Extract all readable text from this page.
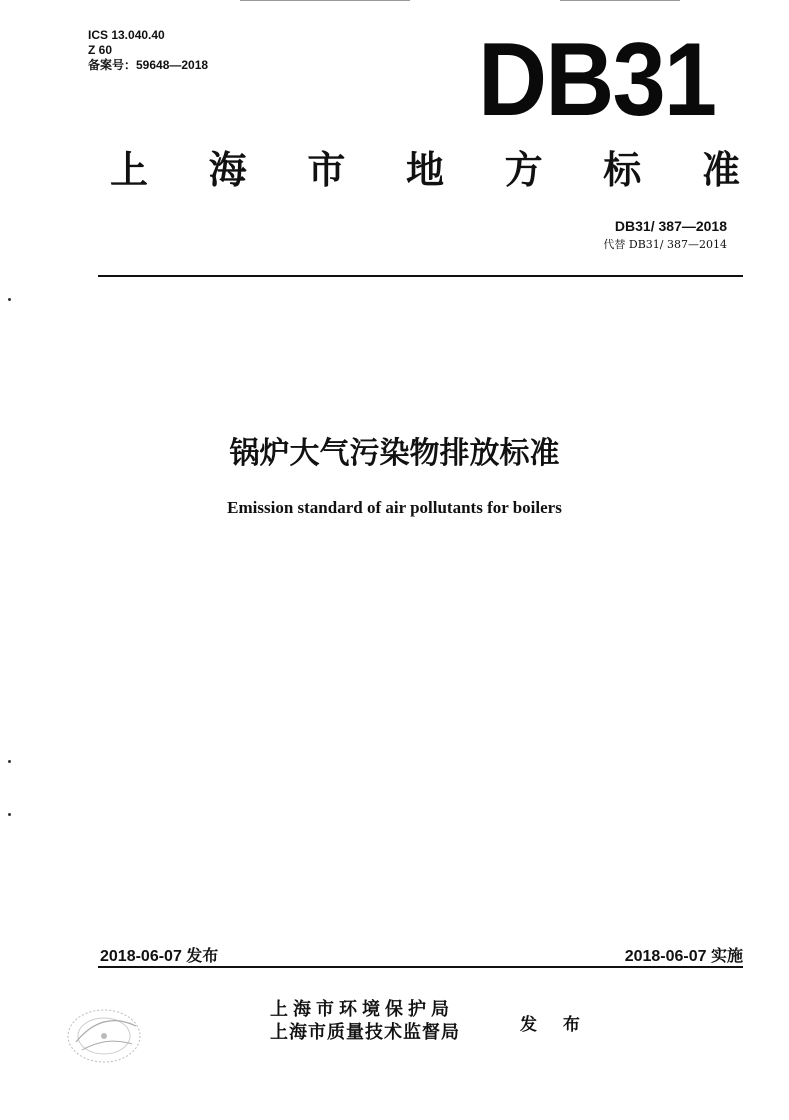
ICS 13.040.40
Z 60
备案号：59648—2018	DB31
上 海 市 地 方 标 准
DB31/ 387—2018
代替 DB31/ 387—2014
锅炉大气污染物排放标准
Emission standard of air pollutants for boilers
2018-06-07 发布	2018-06-07 实施
上海市环境保护局
上海市质量技术监督局	发 布
